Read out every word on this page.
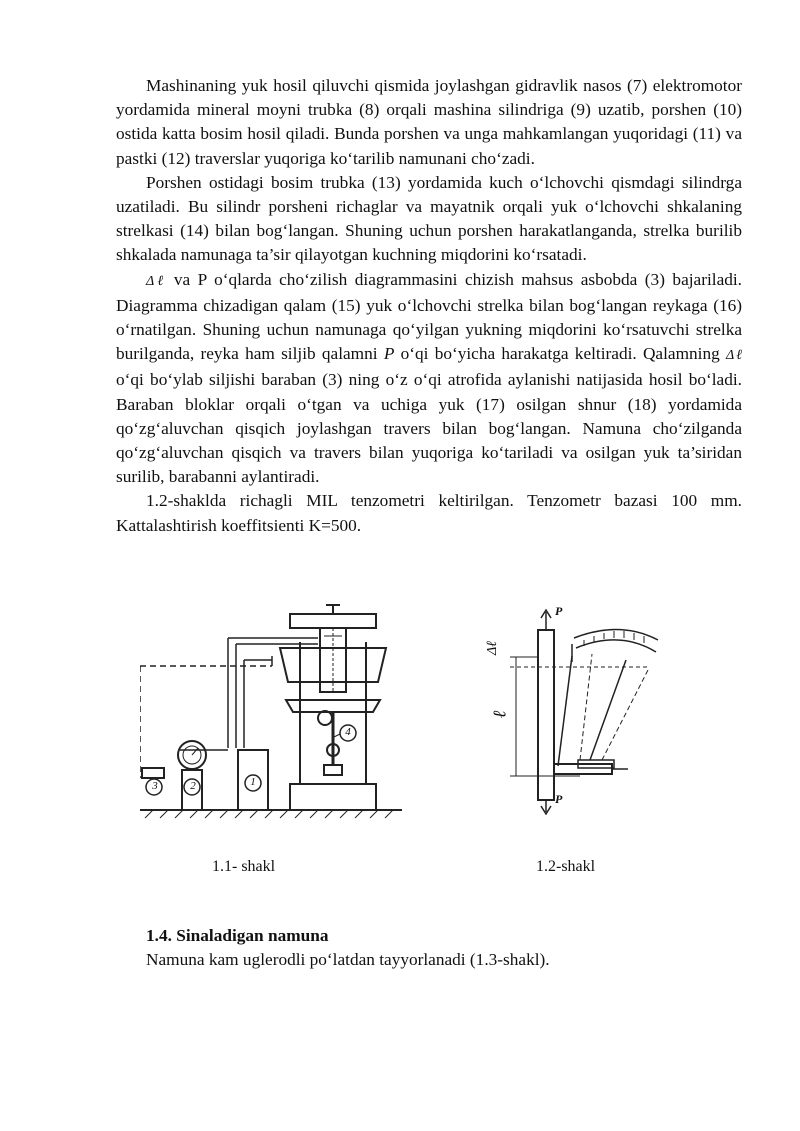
Mashinaning yuk hosil qiluvchi qismida joylashgan gidravlik nasos (7) elektromotor yordamida mineral moyni trubka (8) orqali mashina silindriga (9) uzatib, porshen (10) ostida katta bosim hosil qiladi. Bunda porshen va unga mahkamlangan yuqoridagi (11) va pastki (12) traverslar yuqoriga ko‘tarilib namunani cho‘zadi.

Porshen ostidagi bosim trubka (13) yordamida kuch o‘lchovchi qismdagi silindrga uzatiladi. Bu silindr porsheni richaglar va mayatnik orqali yuk o‘lchovchi shkalaning strelkasi (14) bilan bog‘langan. Shuning uchun porshen harakatlanganda, strelka burilib shkalada namunaga ta’sir qilayotgan kuchning miqdorini ko‘rsatadi.

Δℓ va P o‘qlarda cho‘zilish diagrammasini chizish mahsus asbobda (3) bajariladi. Diagramma chizadigan qalam (15) yuk o‘lchovchi strelka bilan bog‘langan reykaga (16) o‘rnatilgan. Shuning uchun namunaga qo‘yilgan yukning miqdorini ko‘rsatuvchi strelka burilganda, reyka ham siljib qalamni P o‘qi bo‘yicha harakatga keltiradi. Qalamning Δℓ o‘qi bo‘ylab siljishi baraban (3) ning o‘z o‘qi atrofida aylanishi natijasida hosil bo‘ladi. Baraban bloklar orqali o‘tgan va uchiga yuk (17) osilgan shnur (18) yordamida qo‘zg‘aluvchan qisqich joylashgan travers bilan bog‘langan. Namuna cho‘zilganda qo‘zg‘aluvchan qisqich va travers bilan yuqoriga ko‘tariladi va osilgan yuk ta’siridan surilib, barabanni aylantiradi.

1.2-shaklda richagli MIL tenzometri keltirilgan. Tenzometr bazasi 100 mm. Kattalashtirish koeffitsienti K=500.

3	2	1
4
P
P
Δℓ
ℓ
1.1- shakl	1.2-shakl
1.4. Sinaladigan namuna
Namuna kam uglerodli po‘latdan tayyorlanadi (1.3-shakl).
